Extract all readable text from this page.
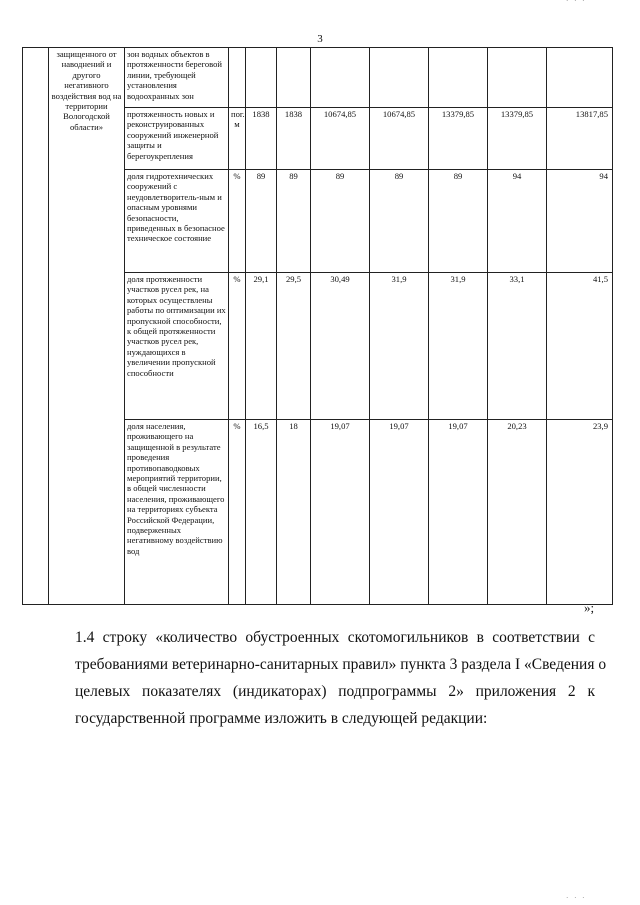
· · ·
3
	защищенного от наводнений и другого негативного воздействия вод на территории Вологодской области»	зон водных объектов в протяженности береговой линии, требующей установления водоохранных зон								
		протяженность новых и реконструированных сооружений инженерной защиты и берегоукрепления	пог. м	1838	1838	10674,85	10674,85	13379,85	13379,85	13817,85
		доля гидротехнических сооружений с неудовлетворитель-ным и опасным уровнями безопасности, приведенных в безопасное техническое состояние	%	89	89	89	89	89	94	94
		доля протяженности участков русел рек, на которых осуществлены работы по оптимизации их пропускной способности, к общей протяженности участков русел рек, нуждающихся в увеличении пропускной способности	%	29,1	29,5	30,49	31,9	31,9	33,1	41,5
		доля населения, проживающего на защищенной в результате проведения противопаводковых мероприятий территории, в общей численности населения, проживающего на территориях субъекта Российской Федерации, подверженных негативному воздействию вод	%	16,5	18	19,07	19,07	19,07	20,23	23,9
»;
1.4 строку «количество обустроенных скотомогильников в соответствии с
требованиями ветеринарно-санитарных правил» пункта 3 раздела I «Сведения о
целевых показателях (индикаторах) подпрограммы 2» приложения 2 к
государственной программе изложить в следующей редакции:
· · ·
